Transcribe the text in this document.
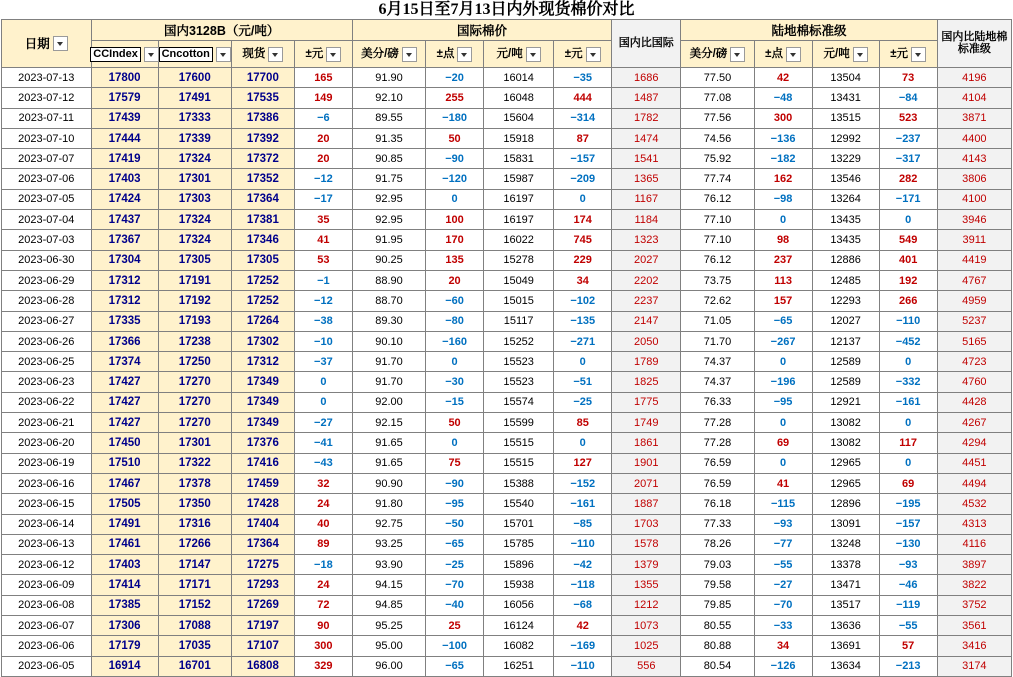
6月15日至7月13日内外现货棉价对比
日期	国内3128B（元/吨）				国际棉价				国内比国际	陆地棉标准级				国内比陆地棉标准级

	CCIndex	Cncotton	现货	±元	美分/磅	±点	元/吨	±元		美分/磅	±点	元/吨	±元	

2023-07-13	17800	17600	17700	165	91.90	−20	16014	−35	1686	77.50	42	13504	73	4196
2023-07-12	17579	17491	17535	149	92.10	255	16048	444	1487	77.08	−48	13431	−84	4104
2023-07-11	17439	17333	17386	−6	89.55	−180	15604	−314	1782	77.56	300	13515	523	3871
2023-07-10	17444	17339	17392	20	91.35	50	15918	87	1474	74.56	−136	12992	−237	4400
2023-07-07	17419	17324	17372	20	90.85	−90	15831	−157	1541	75.92	−182	13229	−317	4143
2023-07-06	17403	17301	17352	−12	91.75	−120	15987	−209	1365	77.74	162	13546	282	3806
2023-07-05	17424	17303	17364	−17	92.95	0	16197	0	1167	76.12	−98	13264	−171	4100
2023-07-04	17437	17324	17381	35	92.95	100	16197	174	1184	77.10	0	13435	0	3946
2023-07-03	17367	17324	17346	41	91.95	170	16022	745	1323	77.10	98	13435	549	3911
2023-06-30	17304	17305	17305	53	90.25	135	15278	229	2027	76.12	237	12886	401	4419
2023-06-29	17312	17191	17252	−1	88.90	20	15049	34	2202	73.75	113	12485	192	4767
2023-06-28	17312	17192	17252	−12	88.70	−60	15015	−102	2237	72.62	157	12293	266	4959
2023-06-27	17335	17193	17264	−38	89.30	−80	15117	−135	2147	71.05	−65	12027	−110	5237
2023-06-26	17366	17238	17302	−10	90.10	−160	15252	−271	2050	71.70	−267	12137	−452	5165
2023-06-25	17374	17250	17312	−37	91.70	0	15523	0	1789	74.37	0	12589	0	4723
2023-06-23	17427	17270	17349	0	91.70	−30	15523	−51	1825	74.37	−196	12589	−332	4760
2023-06-22	17427	17270	17349	0	92.00	−15	15574	−25	1775	76.33	−95	12921	−161	4428
2023-06-21	17427	17270	17349	−27	92.15	50	15599	85	1749	77.28	0	13082	0	4267
2023-06-20	17450	17301	17376	−41	91.65	0	15515	0	1861	77.28	69	13082	117	4294
2023-06-19	17510	17322	17416	−43	91.65	75	15515	127	1901	76.59	0	12965	0	4451
2023-06-16	17467	17378	17459	32	90.90	−90	15388	−152	2071	76.59	41	12965	69	4494
2023-06-15	17505	17350	17428	24	91.80	−95	15540	−161	1887	76.18	−115	12896	−195	4532
2023-06-14	17491	17316	17404	40	92.75	−50	15701	−85	1703	77.33	−93	13091	−157	4313
2023-06-13	17461	17266	17364	89	93.25	−65	15785	−110	1578	78.26	−77	13248	−130	4116
2023-06-12	17403	17147	17275	−18	93.90	−25	15896	−42	1379	79.03	−55	13378	−93	3897
2023-06-09	17414	17171	17293	24	94.15	−70	15938	−118	1355	79.58	−27	13471	−46	3822
2023-06-08	17385	17152	17269	72	94.85	−40	16056	−68	1212	79.85	−70	13517	−119	3752
2023-06-07	17306	17088	17197	90	95.25	25	16124	42	1073	80.55	−33	13636	−55	3561
2023-06-06	17179	17035	17107	300	95.00	−100	16082	−169	1025	80.88	34	13691	57	3416
2023-06-05	16914	16701	16808	329	96.00	−65	16251	−110	556	80.54	−126	13634	−213	3174
